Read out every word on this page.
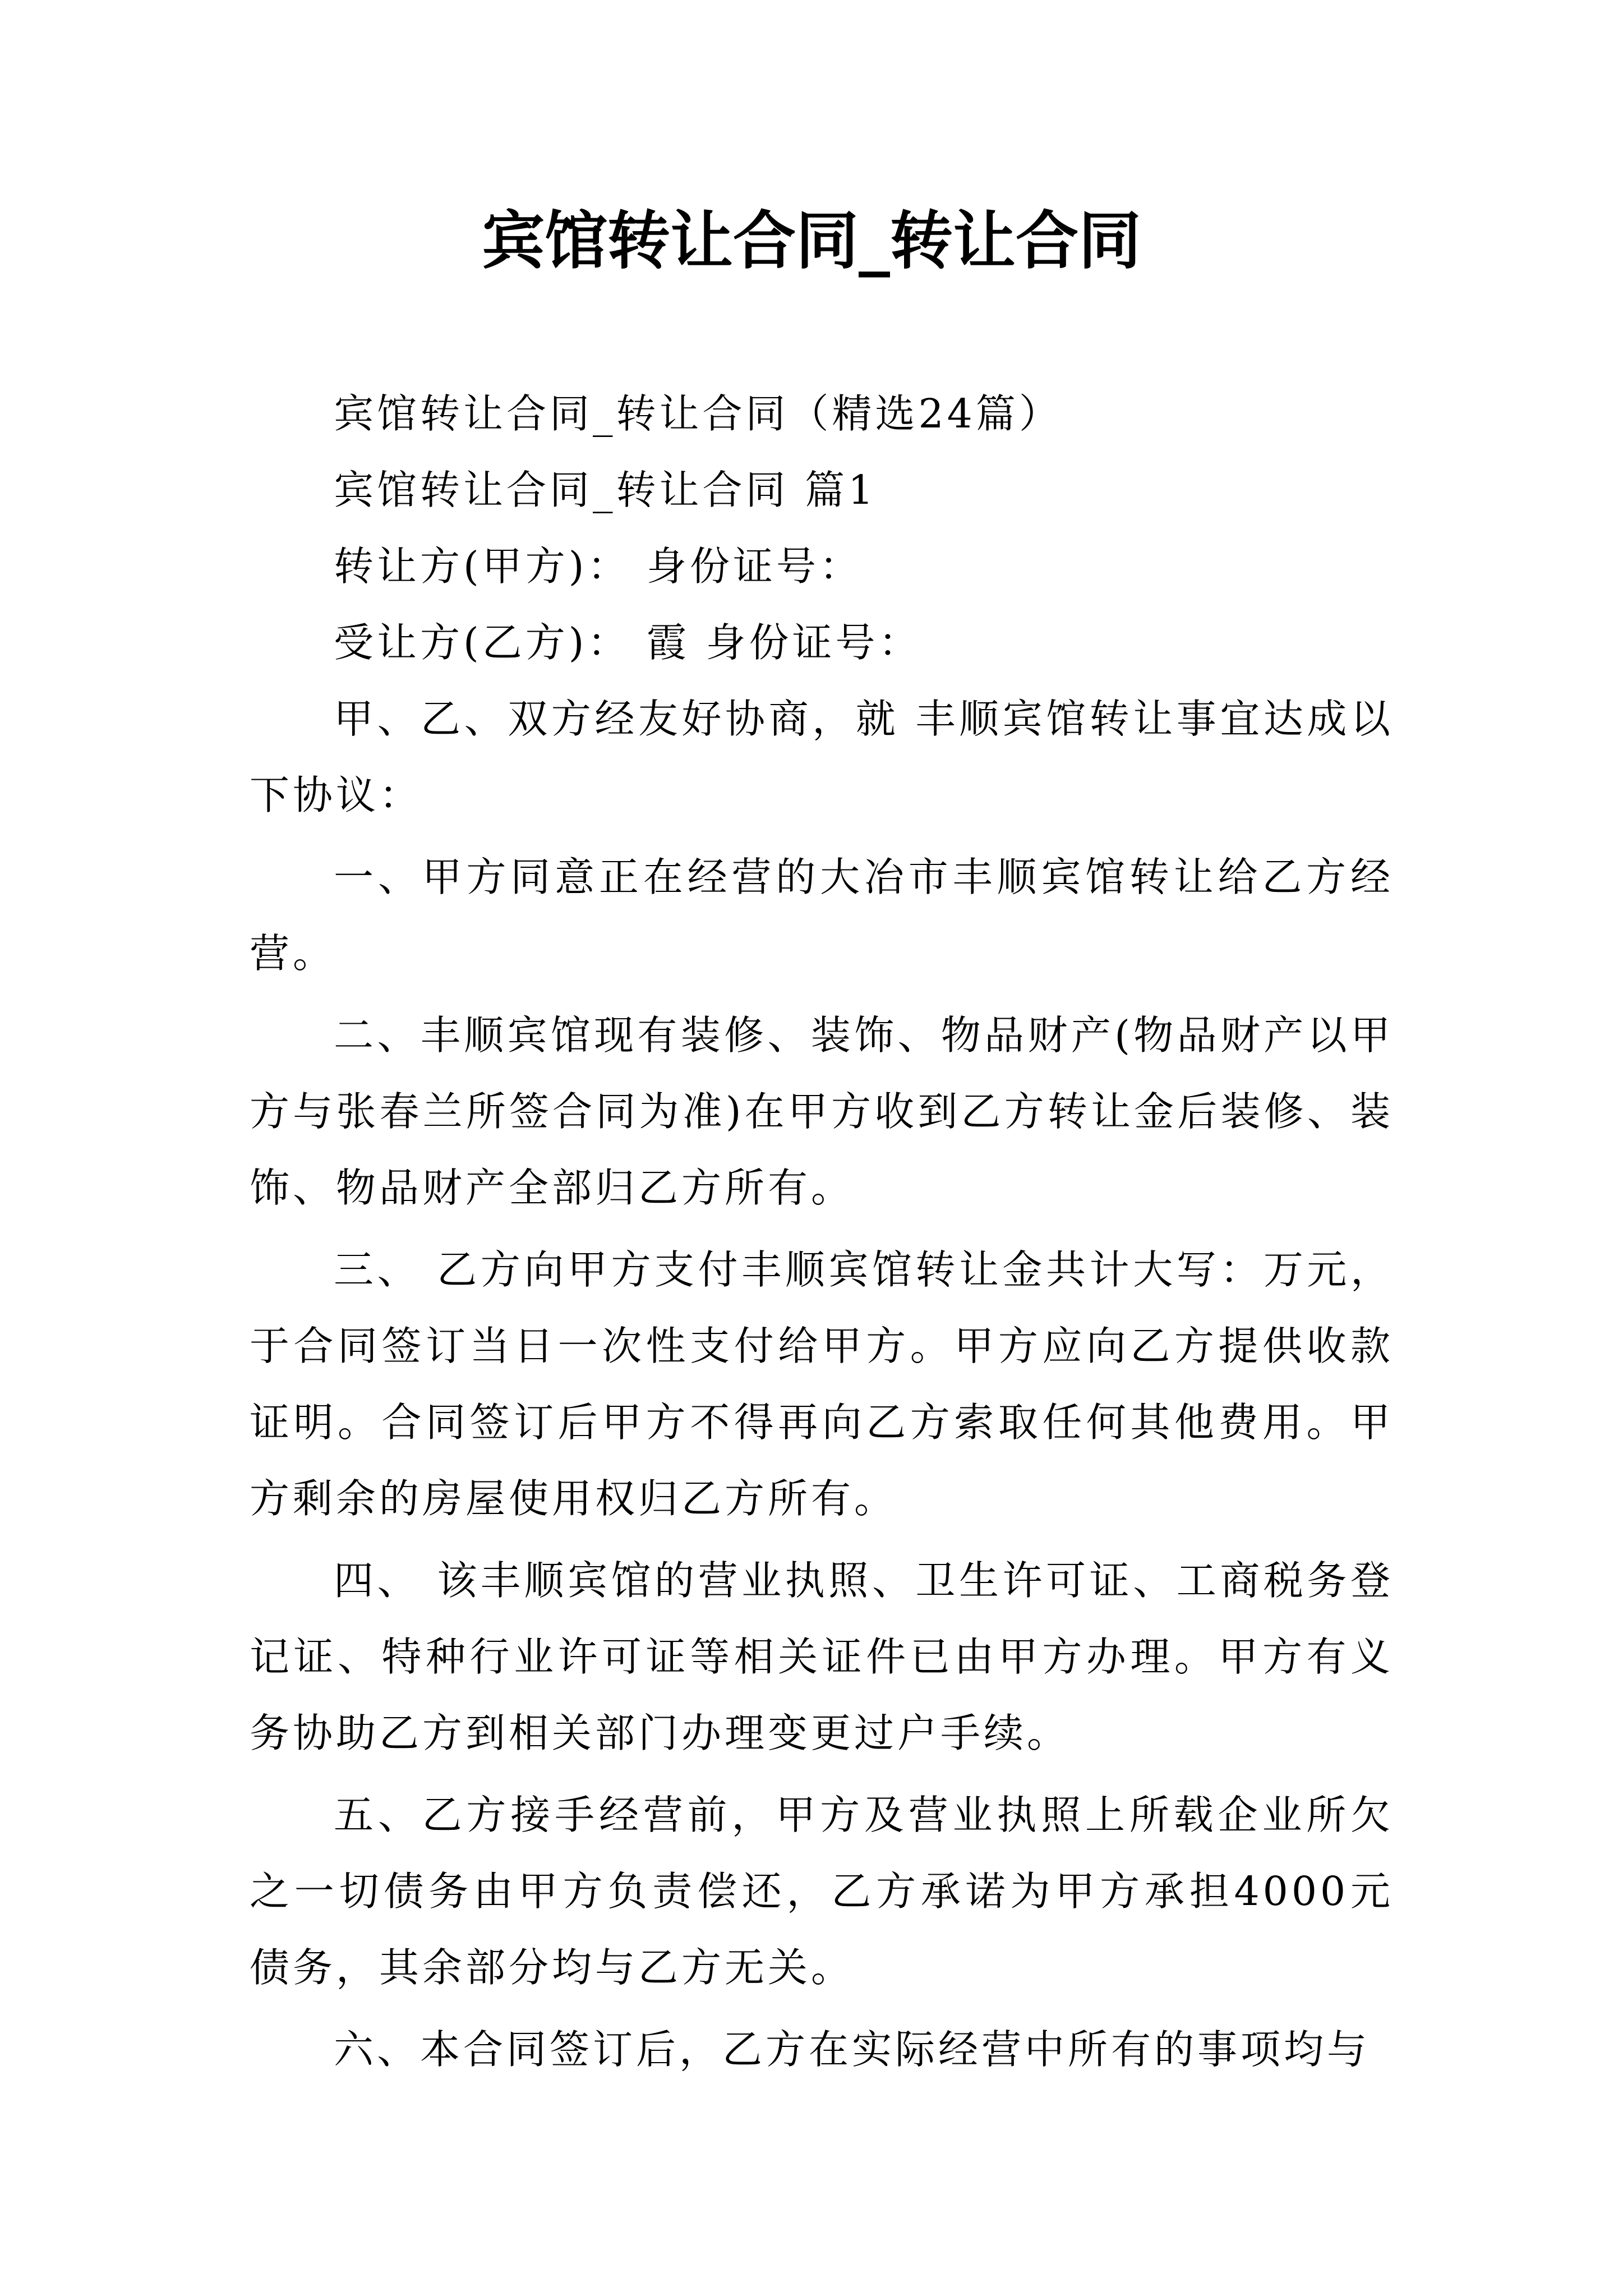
宾馆转让合同_转让合同

宾馆转让合同_转让合同（精选24篇）

宾馆转让合同_转让合同 篇1

转让方(甲方)： 身份证号：

受让方(乙方)： 霞 身份证号：

甲、乙、双方经友好协商，就 丰顺宾馆转让事宜达成以下协议：

一、甲方同意正在经营的大冶市丰顺宾馆转让给乙方经营。

二、丰顺宾馆现有装修、装饰、物品财产(物品财产以甲方与张春兰所签合同为准)在甲方收到乙方转让金后装修、装饰、物品财产全部归乙方所有。

三、 乙方向甲方支付丰顺宾馆转让金共计大写：万元，于合同签订当日一次性支付给甲方。甲方应向乙方提供收款证明。合同签订后甲方不得再向乙方索取任何其他费用。甲方剩余的房屋使用权归乙方所有。

四、 该丰顺宾馆的营业执照、卫生许可证、工商税务登记证、特种行业许可证等相关证件已由甲方办理。甲方有义务协助乙方到相关部门办理变更过户手续。

五、乙方接手经营前，甲方及营业执照上所载企业所欠之一切债务由甲方负责偿还，乙方承诺为甲方承担4000元债务，其余部分均与乙方无关。

六、本合同签订后，乙方在实际经营中所有的事项均与
